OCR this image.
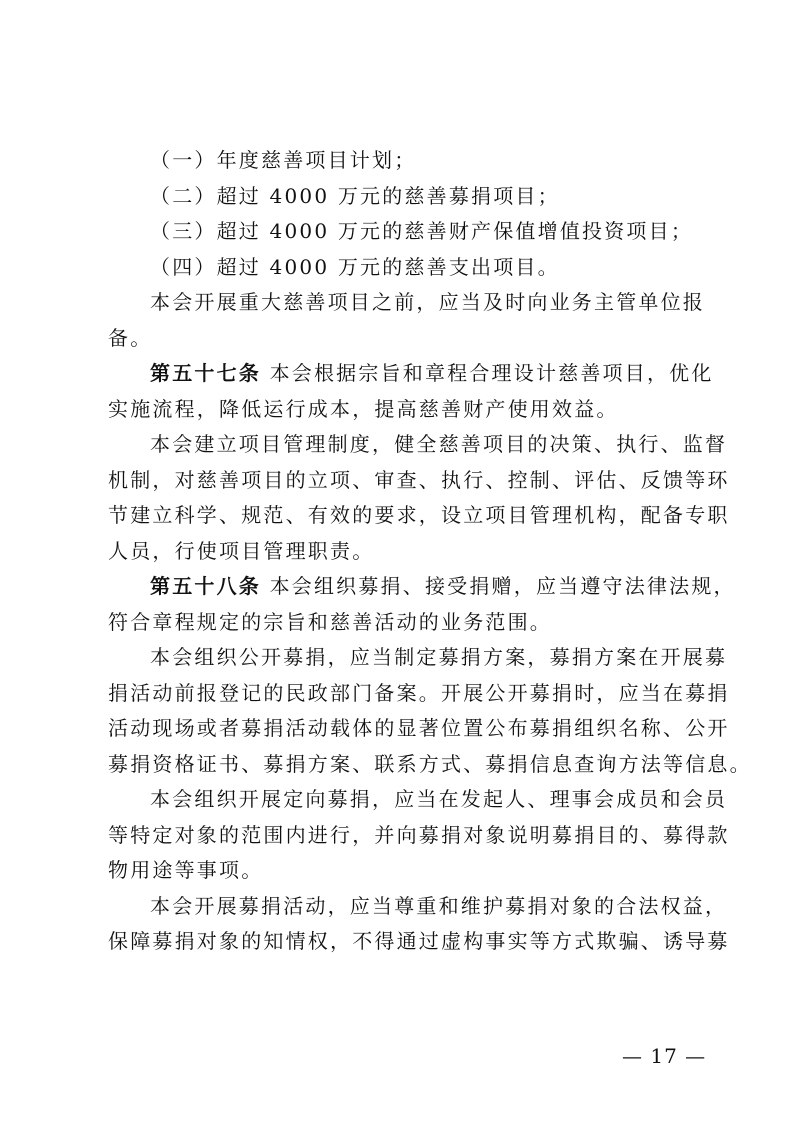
（一）年度慈善项目计划；
（二）超过 4000 万元的慈善募捐项目；
（三）超过 4000 万元的慈善财产保值增值投资项目；
（四）超过 4000 万元的慈善支出项目。
本会开展重大慈善项目之前，应当及时向业务主管单位报
备。
第五十七条 本会根据宗旨和章程合理设计慈善项目，优化
实施流程，降低运行成本，提高慈善财产使用效益。
本会建立项目管理制度，健全慈善项目的决策、执行、监督
机制，对慈善项目的立项、审查、执行、控制、评估、反馈等环
节建立科学、规范、有效的要求，设立项目管理机构，配备专职
人员，行使项目管理职责。
第五十八条 本会组织募捐、接受捐赠，应当遵守法律法规，
符合章程规定的宗旨和慈善活动的业务范围。
本会组织公开募捐，应当制定募捐方案，募捐方案在开展募
捐活动前报登记的民政部门备案。开展公开募捐时，应当在募捐
活动现场或者募捐活动载体的显著位置公布募捐组织名称、公开
募捐资格证书、募捐方案、联系方式、募捐信息查询方法等信息。
本会组织开展定向募捐，应当在发起人、理事会成员和会员
等特定对象的范围内进行，并向募捐对象说明募捐目的、募得款
物用途等事项。
本会开展募捐活动，应当尊重和维护募捐对象的合法权益，
保障募捐对象的知情权，不得通过虚构事实等方式欺骗、诱导募
— 17 —
